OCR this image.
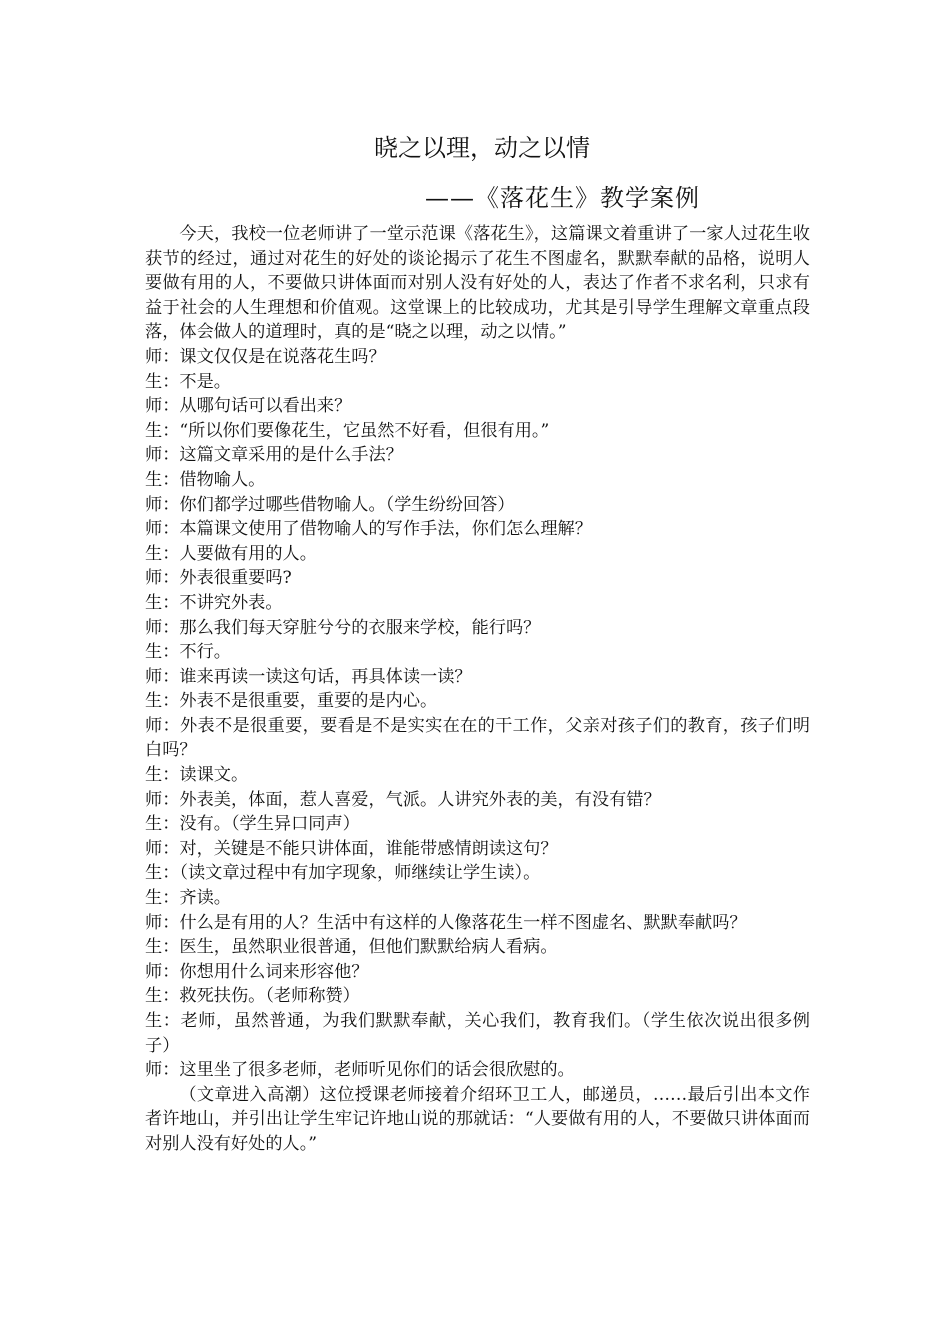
晓之以理，动之以情
——《落花生》教学案例

今天，我校一位老师讲了一堂示范课《落花生》，这篇课文着重讲了一家人过花生收获节的经过，通过对花生的好处的谈论揭示了花生不图虚名，默默奉献的品格，说明人要做有用的人，不要做只讲体面而对别人没有好处的人，表达了作者不求名利，只求有益于社会的人生理想和价值观。这堂课上的比较成功，尤其是引导学生理解文章重点段落，体会做人的道理时，真的是“晓之以理，动之以情。”

师：课文仅仅是在说落花生吗？

生：不是。

师：从哪句话可以看出来？

生：“所以你们要像花生，它虽然不好看，但很有用。”

师：这篇文章采用的是什么手法？

生：借物喻人。

师：你们都学过哪些借物喻人。（学生纷纷回答）

师：本篇课文使用了借物喻人的写作手法，你们怎么理解？

生：人要做有用的人。

师：外表很重要吗?

生：不讲究外表。

师：那么我们每天穿脏兮兮的衣服来学校，能行吗？

生：不行。

师：谁来再读一读这句话，再具体读一读？

生：外表不是很重要，重要的是内心。

师：外表不是很重要，要看是不是实实在在的干工作，父亲对孩子们的教育，孩子们明白吗？

生：读课文。

师：外表美，体面，惹人喜爱，气派。人讲究外表的美，有没有错？

生：没有。（学生异口同声）

师：对，关键是不能只讲体面，谁能带感情朗读这句？

生：（读文章过程中有加字现象，师继续让学生读）。

生：齐读。

师：什么是有用的人？生活中有这样的人像落花生一样不图虚名、默默奉献吗？

生：医生，虽然职业很普通，但他们默默给病人看病。

师：你想用什么词来形容他？

生：救死扶伤。（老师称赞）

生：老师，虽然普通，为我们默默奉献，关心我们，教育我们。（学生依次说出很多例子）

师：这里坐了很多老师，老师听见你们的话会很欣慰的。

（文章进入高潮）这位授课老师接着介绍环卫工人，邮递员，……最后引出本文作者许地山，并引出让学生牢记许地山说的那就话：“人要做有用的人，不要做只讲体面而对别人没有好处的人。”
